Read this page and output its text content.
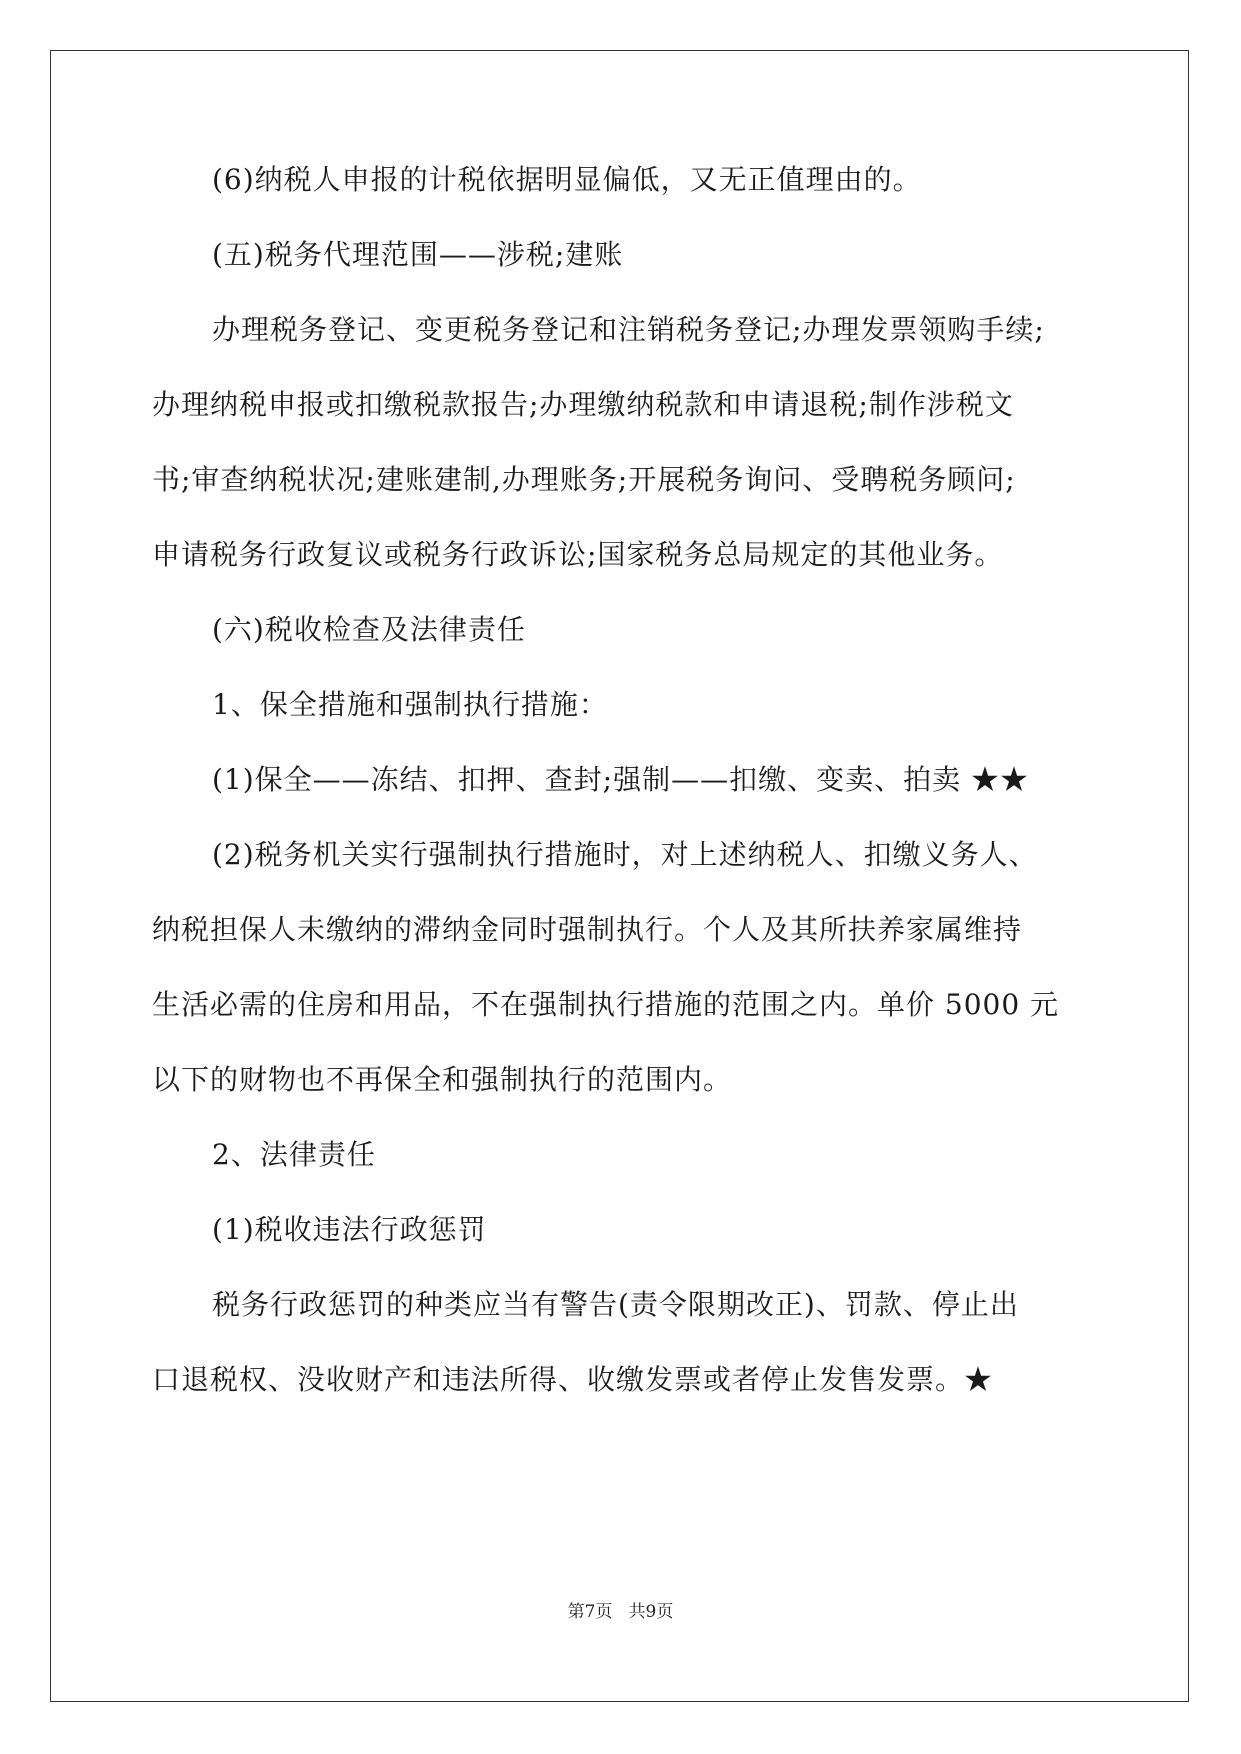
(6)纳税人申报的计税依据明显偏低，又无正值理由的。
(五)税务代理范围——涉税;建账
办理税务登记、变更税务登记和注销税务登记;办理发票领购手续;
办理纳税申报或扣缴税款报告;办理缴纳税款和申请退税;制作涉税文
书;审查纳税状况;建账建制,办理账务;开展税务询问、受聘税务顾问;
申请税务行政复议或税务行政诉讼;国家税务总局规定的其他业务。
(六)税收检查及法律责任
1、保全措施和强制执行措施：
(1)保全——冻结、扣押、查封;强制——扣缴、变卖、拍卖 ★★
(2)税务机关实行强制执行措施时，对上述纳税人、扣缴义务人、
纳税担保人未缴纳的滞纳金同时强制执行。个人及其所扶养家属维持
生活必需的住房和用品，不在强制执行措施的范围之内。单价 5000 元
以下的财物也不再保全和强制执行的范围内。
2、法律责任
(1)税收违法行政惩罚
税务行政惩罚的种类应当有警告(责令限期改正)、罚款、停止出
口退税权、没收财产和违法所得、收缴发票或者停止发售发票。★
第7页 共9页
